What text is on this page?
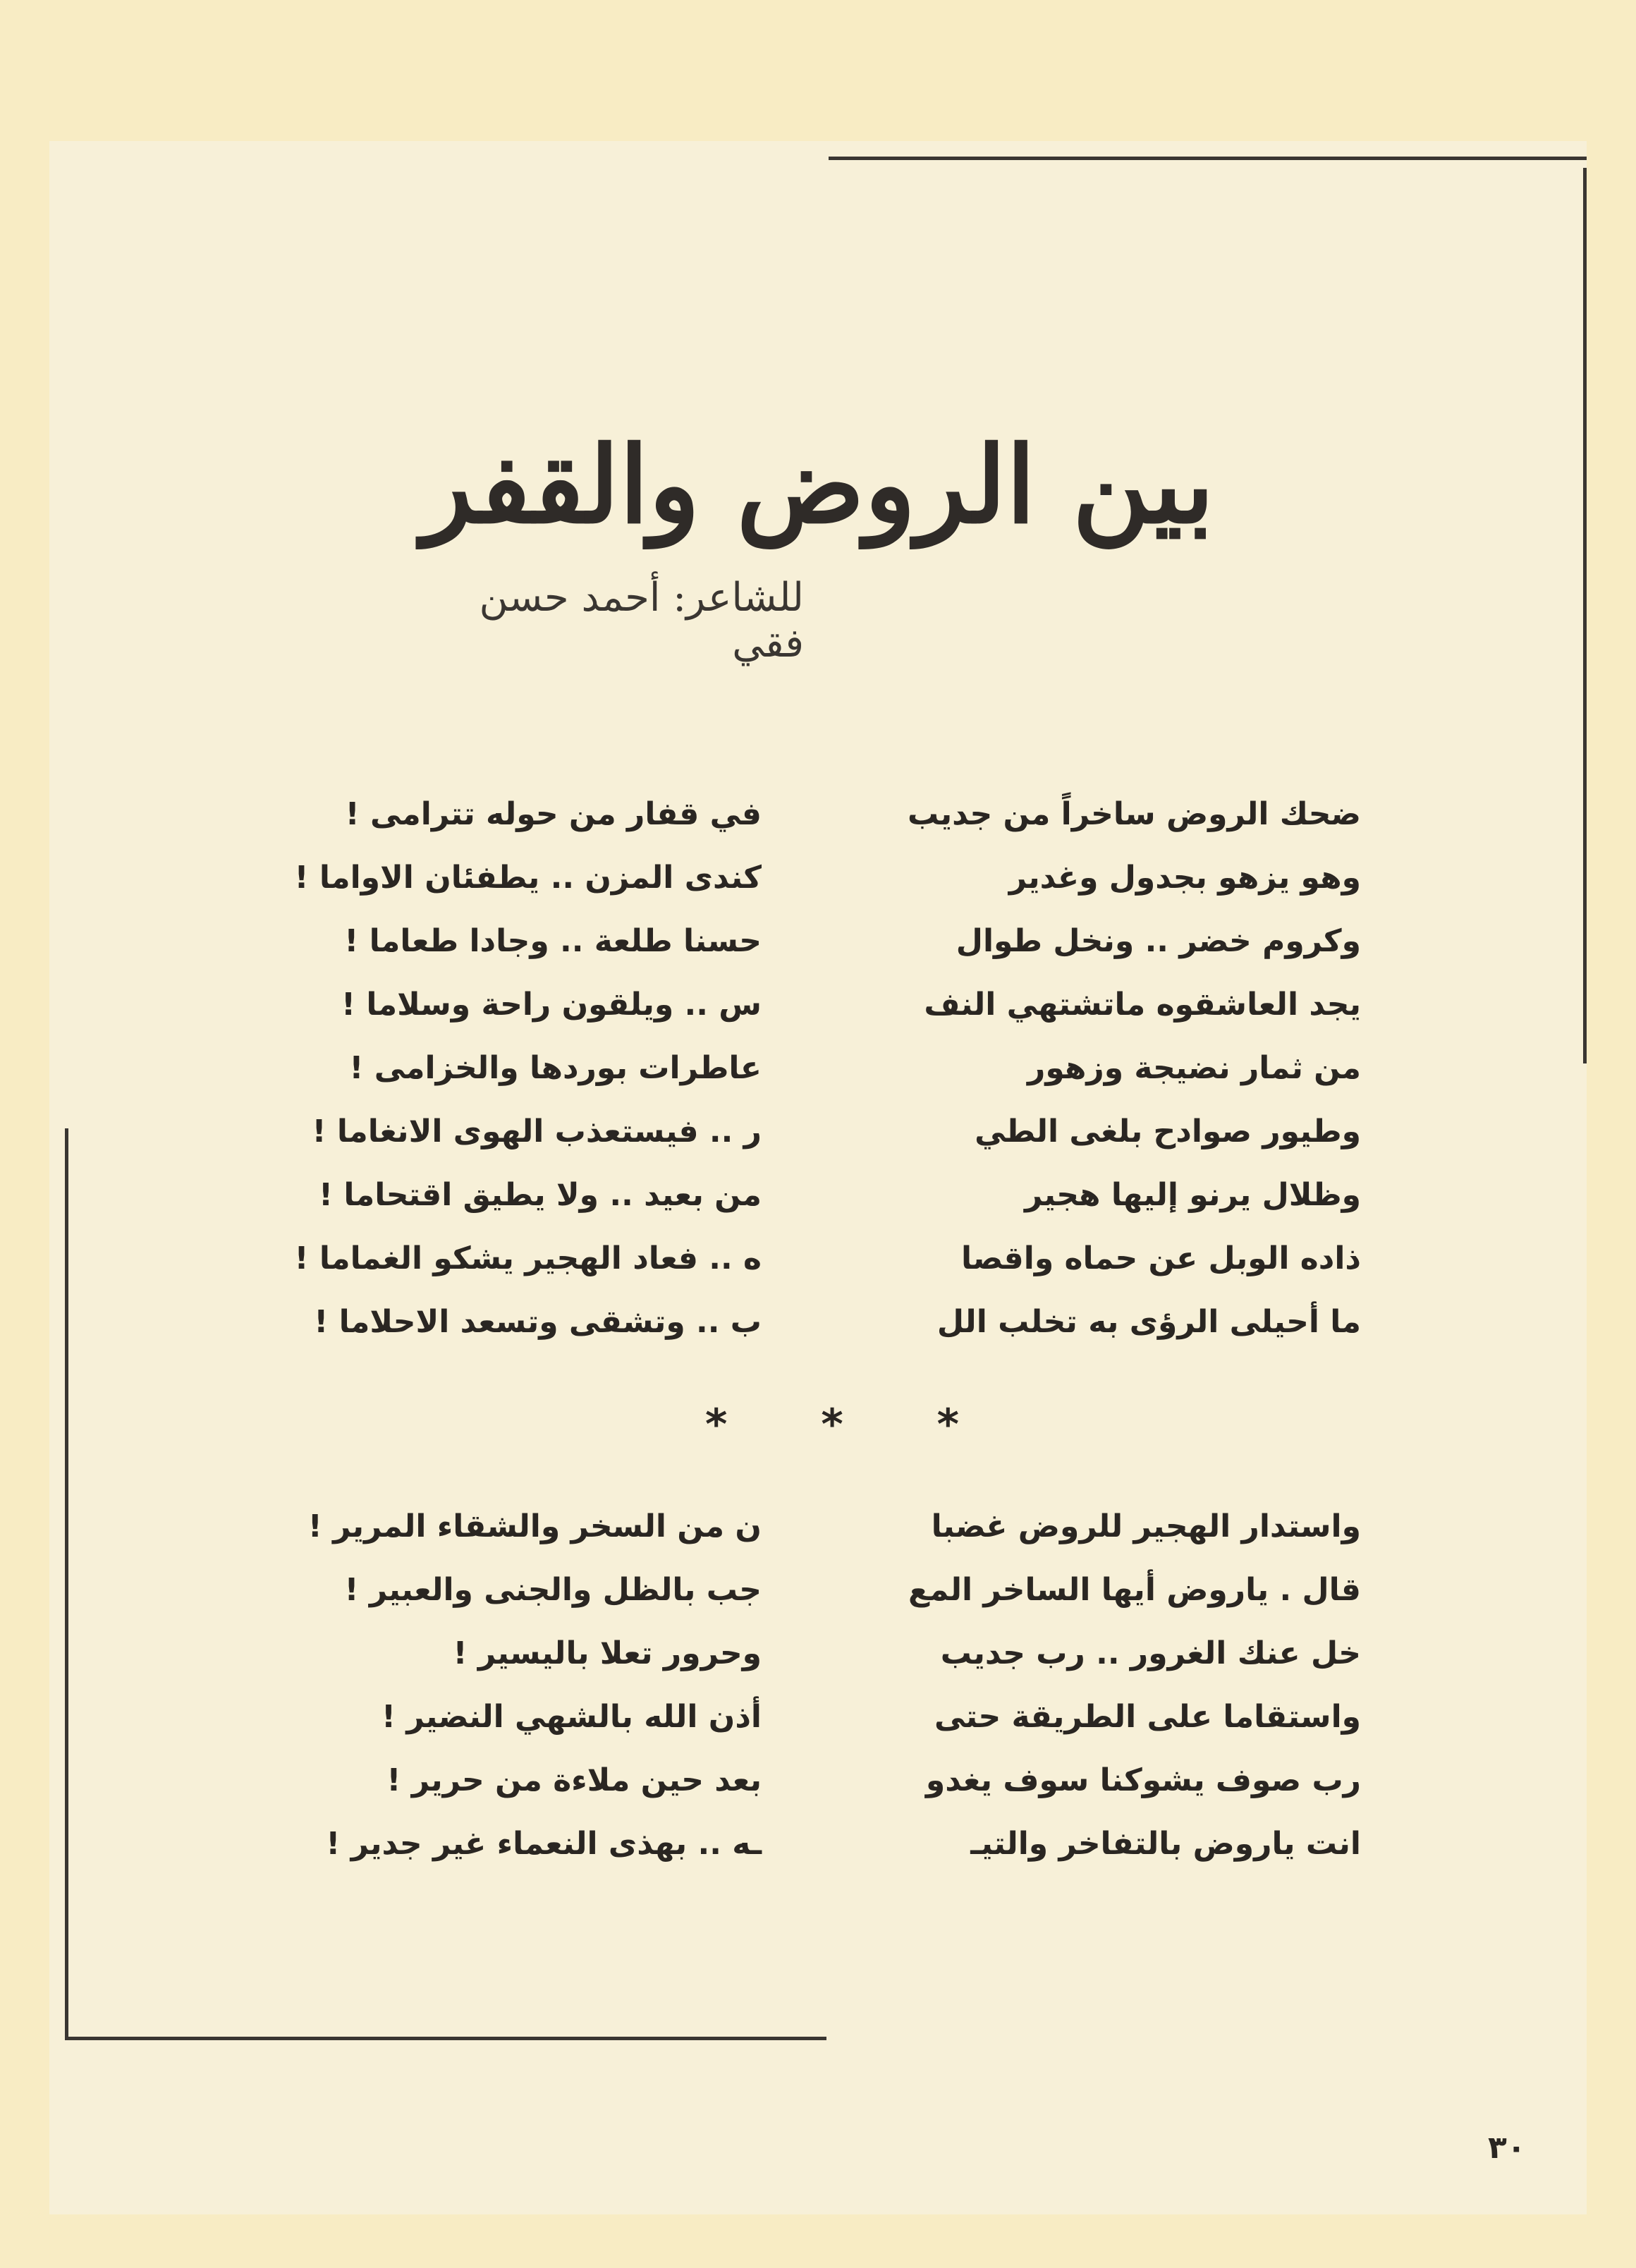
بين الروض والقفر
للشاعر: أحمد حسن فقي
ضحك الروض ساخراً من جديب
وهو يزهو بجدول وغدير
وكروم خضر .. ونخل طوال
يجد العاشقوه ماتشتهي النف
من ثمار نضيجة وزهور
وطيور صوادح بلغى الطي
وظلال يرنو إليها هجير
ذاده الوبل عن حماه واقصا
ما أحيلى الرؤى به تخلب الل
في قفار من حوله تترامى !
كندى المزن .. يطفئان الاواما !
حسنا طلعة .. وجادا طعاما !
س .. ويلقون راحة وسلاما !
عاطرات بوردها والخزامى !
ر .. فيستعذب الهوى الانغاما !
من بعيد .. ولا يطيق اقتحاما !
ه .. فعاد الهجير يشكو الغماما !
ب .. وتشقى وتسعد الاحلاما !
*
*
*
واستدار الهجير للروض غضبا
قال . ياروض أيها الساخر المع
خل عنك الغرور .. رب جديب
واستقاما على الطريقة حتى
رب صوف يشوكنا سوف يغدو
انت ياروض بالتفاخر والتيـ
ن من السخر والشقاء المرير !
جب بالظل والجنى والعبير !
وحرور تعلا باليسير !
أذن الله بالشهي النضير !
بعد حين ملاءة من حرير !
ـه .. بهذى النعماء غير جدير !
٣٠
